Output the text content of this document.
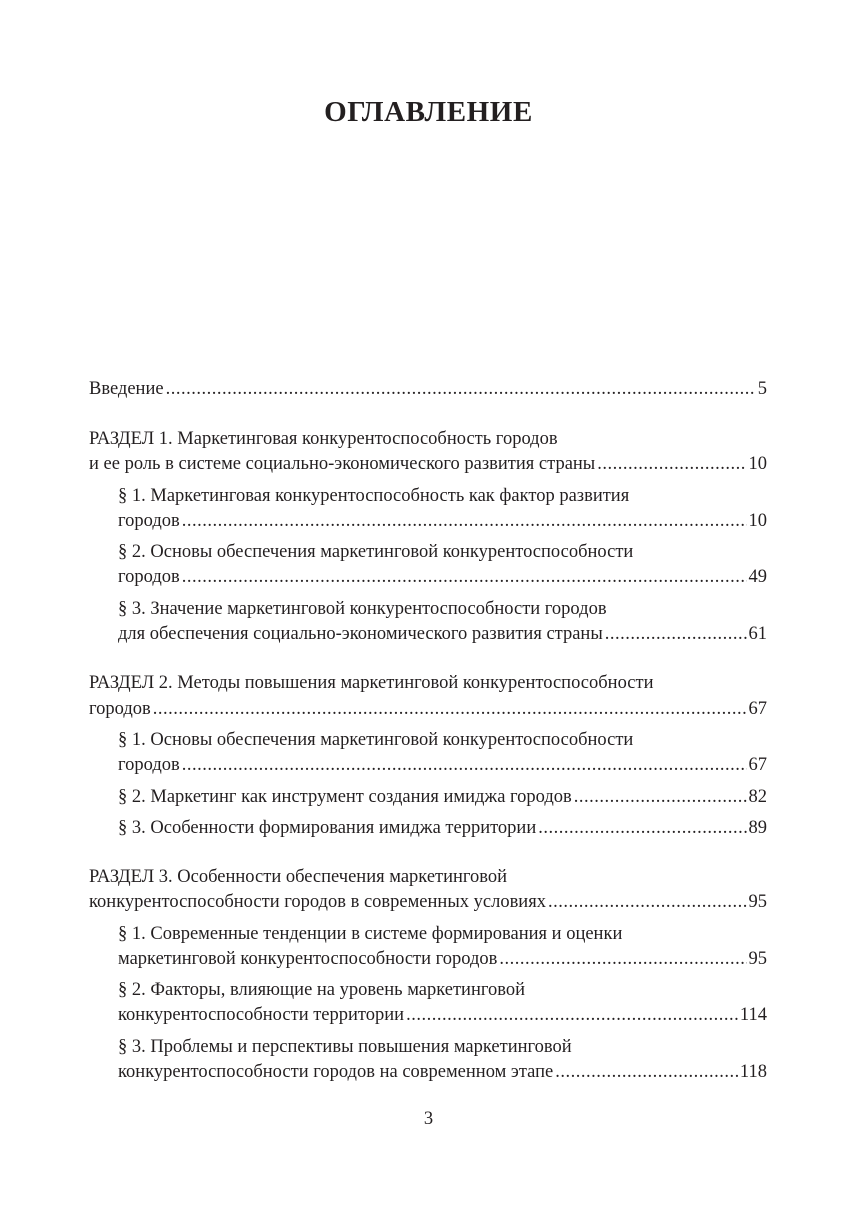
ОГЛАВЛЕНИЕ
Введение .....	5
РАЗДЕЛ 1. Маркетинговая конкурентоспособность городов
и ее роль в системе социально-экономического развития страны .....	10
§ 1. Маркетинговая конкурентоспособность как фактор развития
городов .....	10
§ 2. Основы обеспечения маркетинговой конкурентоспособности
городов .....	49
§ 3. Значение маркетинговой конкурентоспособности городов
для обеспечения социально-экономического развития страны .....	61
РАЗДЕЛ 2. Методы повышения маркетинговой конкурентоспособности
городов .....	67
§ 1. Основы обеспечения маркетинговой конкурентоспособности
городов .....	67
§ 2. Маркетинг как инструмент создания имиджа городов .....	82
§ 3. Особенности формирования имиджа территории .....	89
РАЗДЕЛ 3. Особенности обеспечения маркетинговой
конкурентоспособности городов в современных условиях .....	95
§ 1. Современные тенденции в системе формирования и оценки
маркетинговой конкурентоспособности городов .....	95
§ 2. Факторы, влияющие на уровень маркетинговой
конкурентоспособности территории .....	114
§ 3. Проблемы и перспективы повышения маркетинговой
конкурентоспособности городов на современном этапе .....	118
3
